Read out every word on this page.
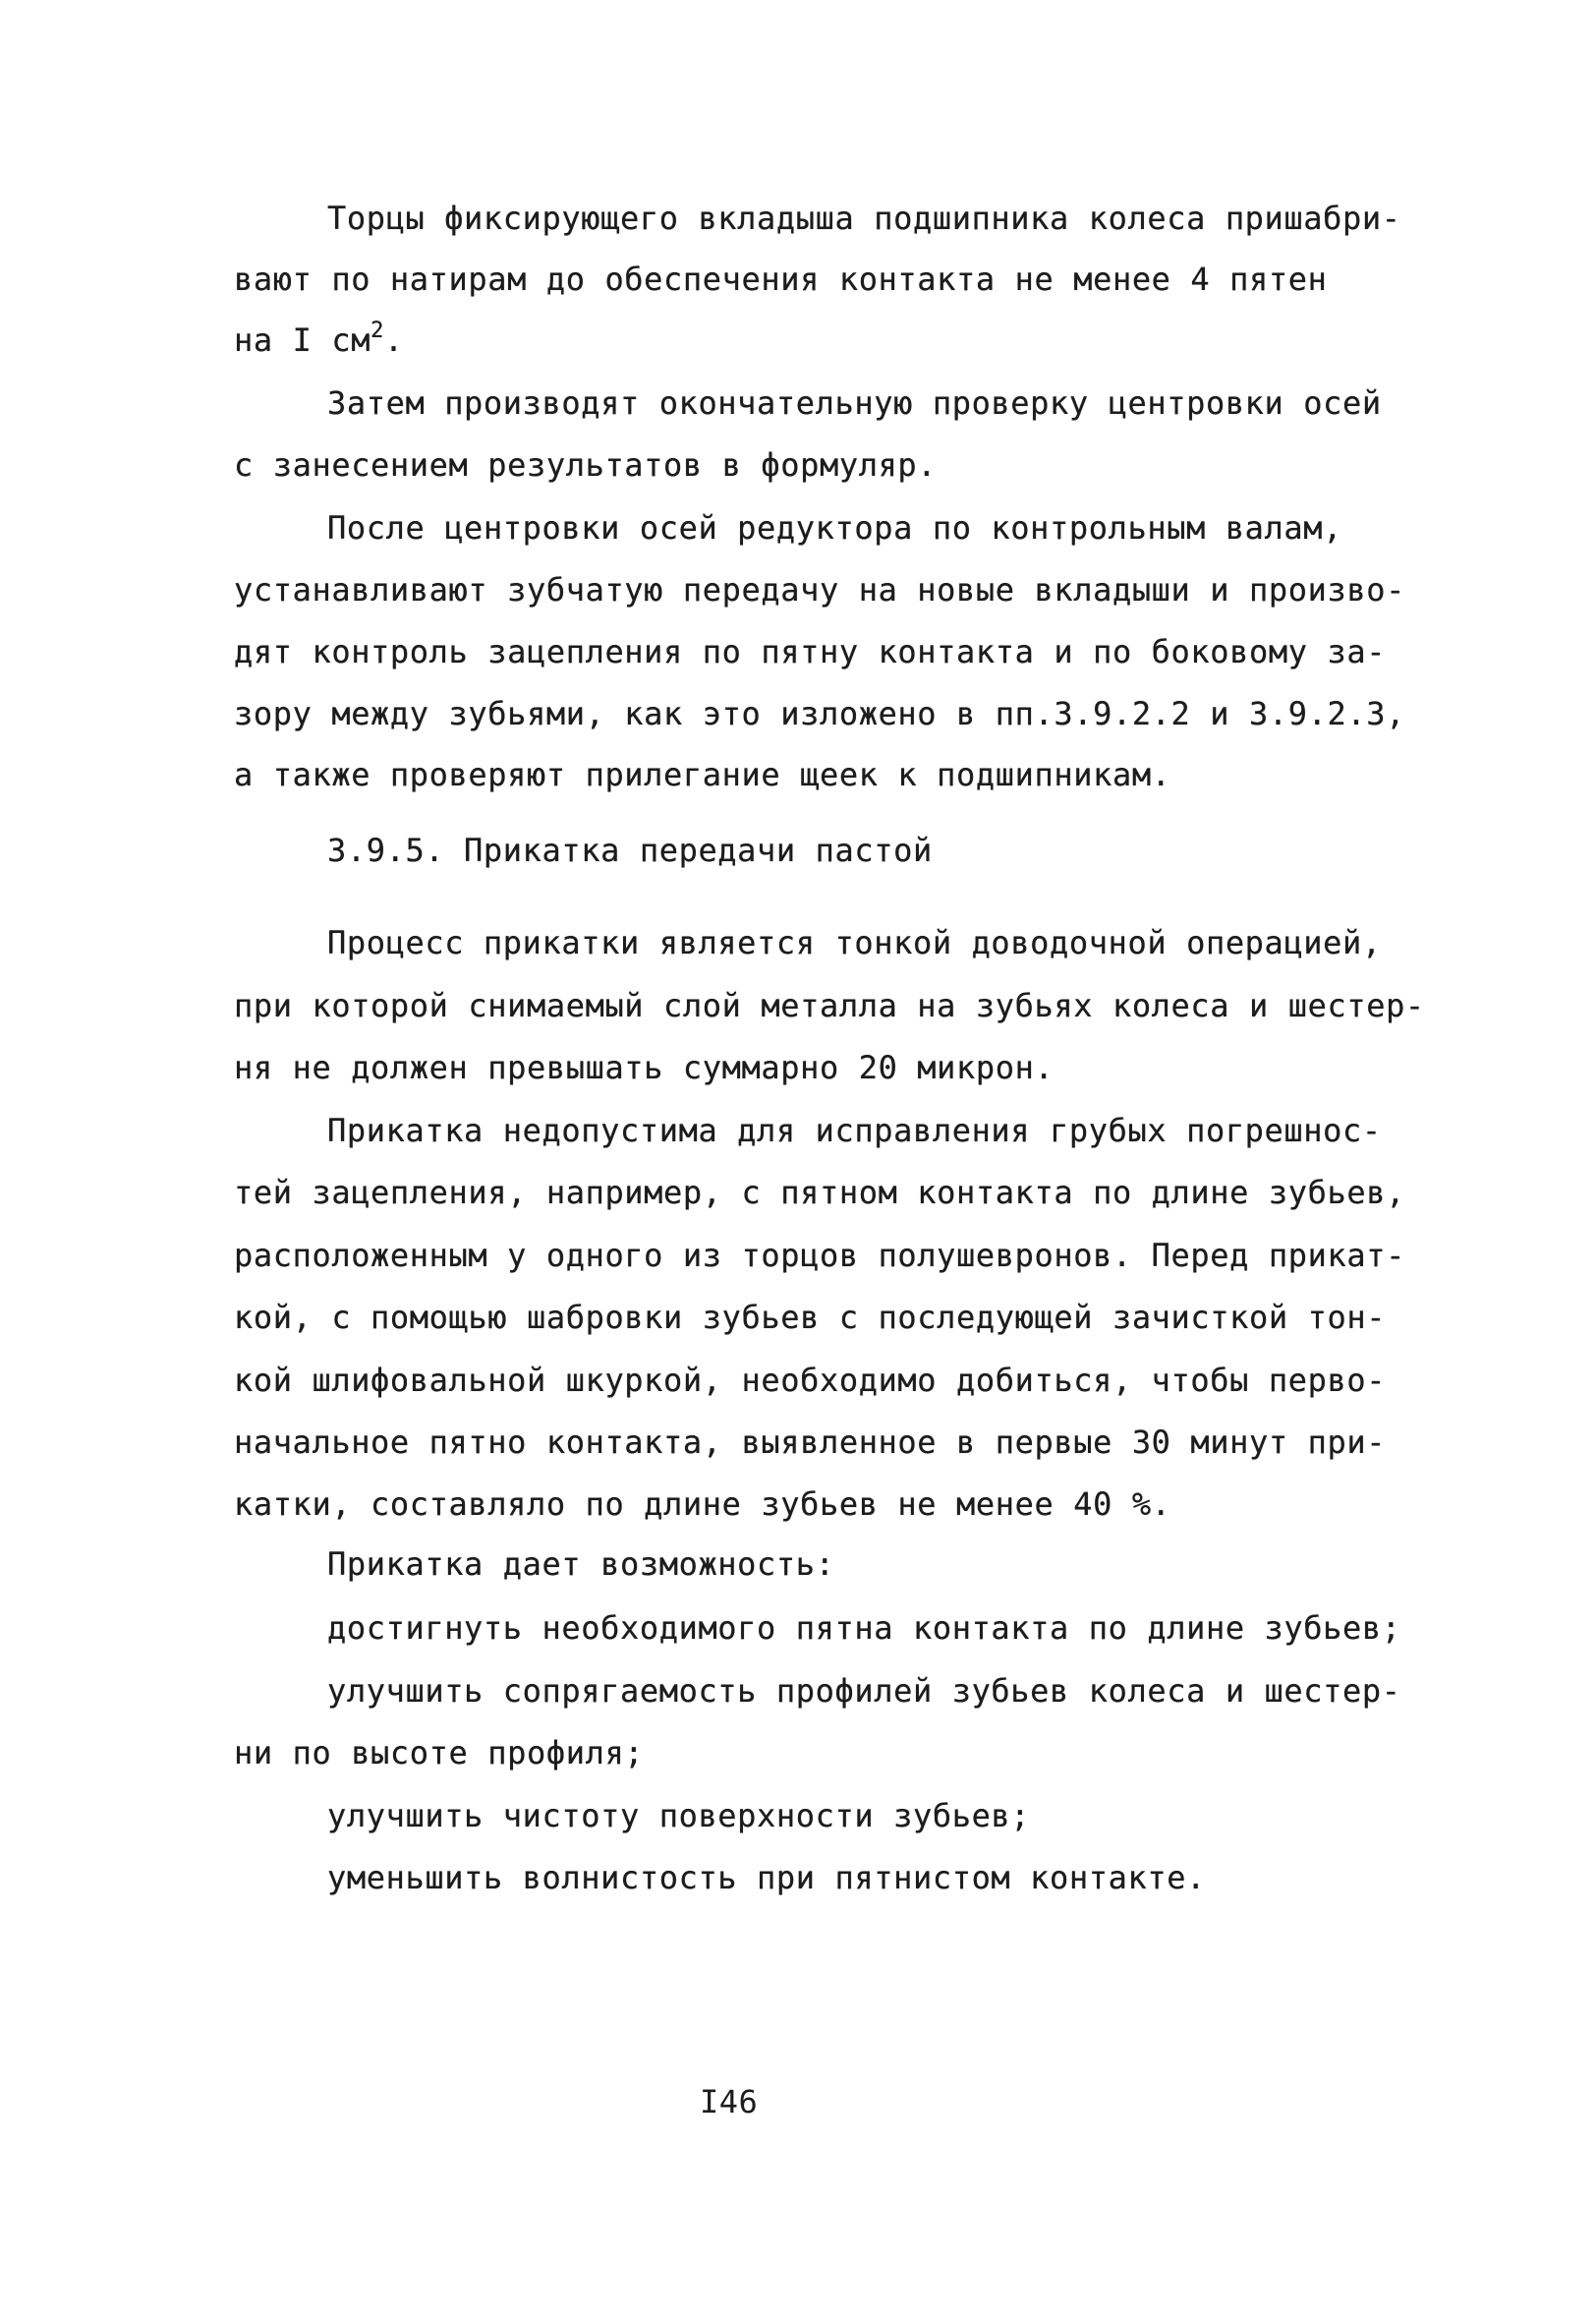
Торцы фиксирующего вкладыша подшипника колеса пришабри-
вают по натирам до обеспечения контакта не менее 4 пятен
на I $см^2$.
Затем производят окончательную проверку центровки осей
с занесением результатов в формуляр.
После центровки осей редуктора по контрольным валам,
устанавливают зубчатую передачу на новые вкладыши и произво-
дят контроль зацепления по пятну контакта и по боковому за-
зору между зубьями, как это изложено в пп.3.9.2.2 и 3.9.2.3,
а также проверяют прилегание щеек к подшипникам.
3.9.5. Прикатка передачи пастой
Процесс прикатки является тонкой доводочной операцией,
при которой снимаемый слой металла на зубьях колеса и шестер-
ня не должен превышать суммарно 20 микрон.
Прикатка недопустима для исправления грубых погрешнос-
тей зацепления, например, с пятном контакта по длине зубьев,
расположенным у одного из торцов полушевронов. Перед прикат-
кой, с помощью шабровки зубьев с последующей зачисткой тон-
кой шлифовальной шкуркой, необходимо добиться, чтобы перво-
начальное пятно контакта, выявленное в первые 30 минут при-
катки, составляло по длине зубьев не менее 40 %.
Прикатка дает возможность:
достигнуть необходимого пятна контакта по длине зубьев;
улучшить сопрягаемость профилей зубьев колеса и шестер-
ни по высоте профиля;
улучшить чистоту поверхности зубьев;
уменьшить волнистость при пятнистом контакте.
I46
